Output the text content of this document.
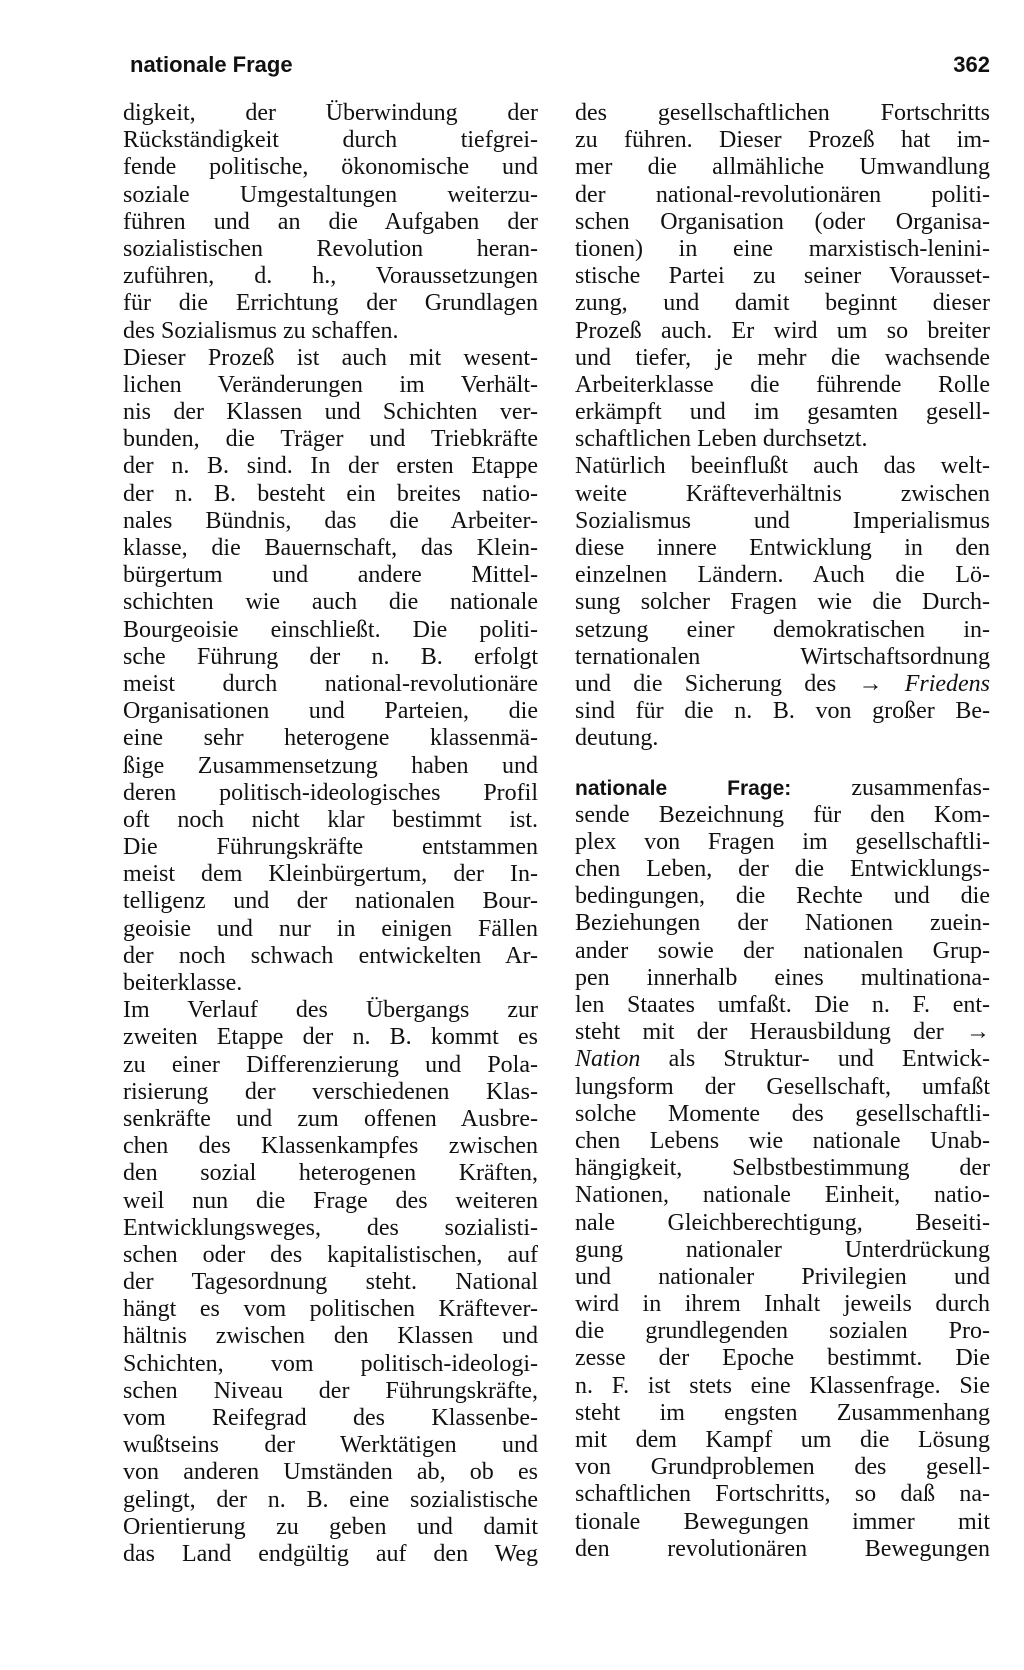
nationale Frage	362
digkeit, der Überwindung der
Rückständigkeit durch tiefgrei-
fende politische, ökonomische und
soziale Umgestaltungen weiterzu-
führen und an die Aufgaben der
sozialistischen Revolution heran-
zuführen, d. h., Voraussetzungen
für die Errichtung der Grundlagen
des Sozialismus zu schaffen.
Dieser Prozeß ist auch mit wesent-
lichen Veränderungen im Verhält-
nis der Klassen und Schichten ver-
bunden, die Träger und Triebkräfte
der n. B. sind. In der ersten Etappe
der n. B. besteht ein breites natio-
nales Bündnis, das die Arbeiter-
klasse, die Bauernschaft, das Klein-
bürgertum und andere Mittel-
schichten wie auch die nationale
Bourgeoisie einschließt. Die politi-
sche Führung der n. B. erfolgt
meist durch national-revolutionäre
Organisationen und Parteien, die
eine sehr heterogene klassenmä-
ßige Zusammensetzung haben und
deren politisch-ideologisches Profil
oft noch nicht klar bestimmt ist.
Die Führungskräfte entstammen
meist dem Kleinbürgertum, der In-
telligenz und der nationalen Bour-
geoisie und nur in einigen Fällen
der noch schwach entwickelten Ar-
beiterklasse.
Im Verlauf des Übergangs zur
zweiten Etappe der n. B. kommt es
zu einer Differenzierung und Pola-
risierung der verschiedenen Klas-
senkräfte und zum offenen Ausbre-
chen des Klassenkampfes zwischen
den sozial heterogenen Kräften,
weil nun die Frage des weiteren
Entwicklungsweges, des sozialisti-
schen oder des kapitalistischen, auf
der Tagesordnung steht. National
hängt es vom politischen Kräftever-
hältnis zwischen den Klassen und
Schichten, vom politisch-ideologi-
schen Niveau der Führungskräfte,
vom Reifegrad des Klassenbe-
wußtseins der Werktätigen und
von anderen Umständen ab, ob es
gelingt, der n. B. eine sozialistische
Orientierung zu geben und damit
das Land endgültig auf den Weg
des gesellschaftlichen Fortschritts
zu führen. Dieser Prozeß hat im-
mer die allmähliche Umwandlung
der national-revolutionären politi-
schen Organisation (oder Organisa-
tionen) in eine marxistisch-lenini-
stische Partei zu seiner Vorausset-
zung, und damit beginnt dieser
Prozeß auch. Er wird um so breiter
und tiefer, je mehr die wachsende
Arbeiterklasse die führende Rolle
erkämpft und im gesamten gesell-
schaftlichen Leben durchsetzt.
Natürlich beeinflußt auch das welt-
weite Kräfteverhältnis zwischen
Sozialismus und Imperialismus
diese innere Entwicklung in den
einzelnen Ländern. Auch die Lö-
sung solcher Fragen wie die Durch-
setzung einer demokratischen in-
ternationalen Wirtschaftsordnung
und die Sicherung des → Friedens
sind für die n. B. von großer Be-
deutung.
nationale Frage:	zusammenfas-
sende Bezeichnung für den Kom-
plex von Fragen im gesellschaftli-
chen Leben, der die Entwicklungs-
bedingungen, die Rechte und die
Beziehungen der Nationen zuein-
ander sowie der nationalen Grup-
pen innerhalb eines multinationa-
len Staates umfaßt. Die n. F. ent-
steht mit der Herausbildung der →
Nation als Struktur- und Entwick-
lungsform der Gesellschaft, umfaßt
solche Momente des gesellschaftli-
chen Lebens wie nationale Unab-
hängigkeit, Selbstbestimmung der
Nationen, nationale Einheit, natio-
nale Gleichberechtigung, Beseiti-
gung nationaler Unterdrückung
und nationaler Privilegien und
wird in ihrem Inhalt jeweils durch
die grundlegenden sozialen Pro-
zesse der Epoche bestimmt. Die
n. F. ist stets eine Klassenfrage. Sie
steht im engsten Zusammenhang
mit dem Kampf um die Lösung
von Grundproblemen des gesell-
schaftlichen Fortschritts, so daß na-
tionale Bewegungen immer mit
den revolutionären Bewegungen
